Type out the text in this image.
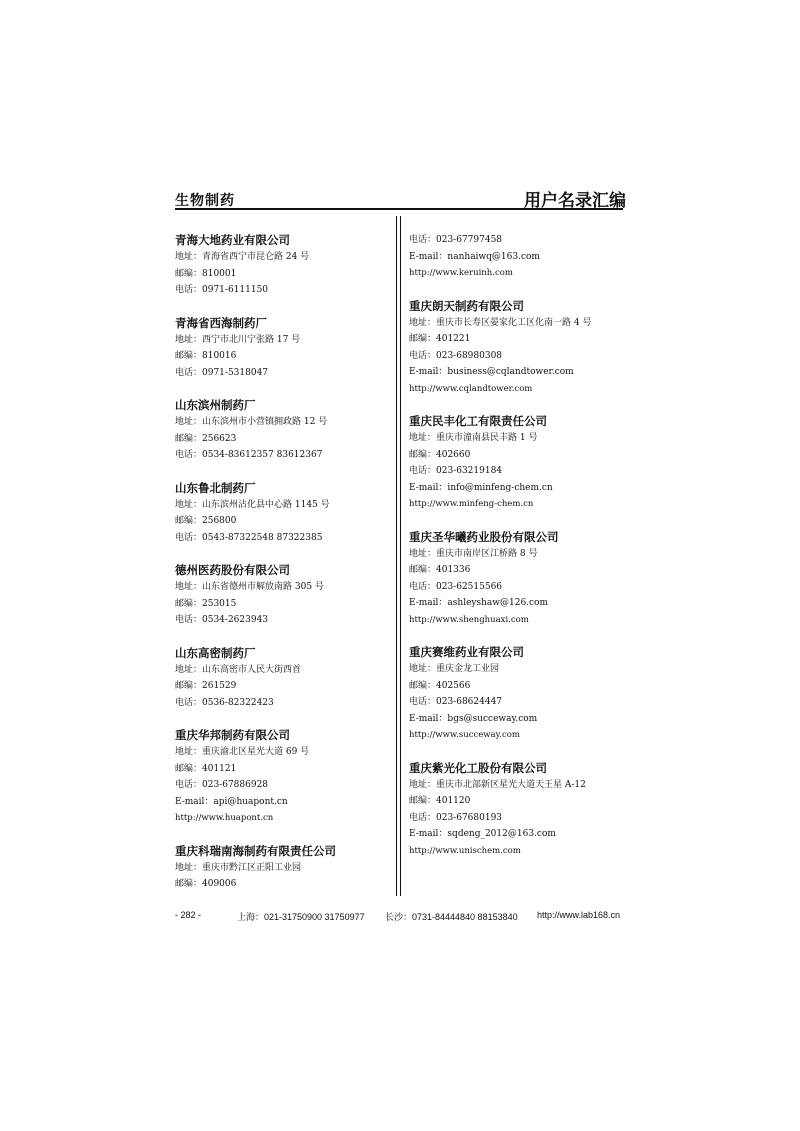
生物制药	用户名录汇编
青海大地药业有限公司
地址：青海省西宁市昆仑路 24 号
邮编：810001
电话：0971-6111150
青海省西海制药厂
地址：西宁市北川宁张路 17 号
邮编：810016
电话：0971-5318047
山东滨州制药厂
地址：山东滨州市小营镇拥政路 12 号
邮编：256623
电话：0534-83612357 83612367
山东鲁北制药厂
地址：山东滨州沾化县中心路 1145 号
邮编：256800
电话：0543-87322548 87322385
德州医药股份有限公司
地址：山东省德州市解放南路 305 号
邮编：253015
电话：0534-2623943
山东高密制药厂
地址：山东高密市人民大街西首
邮编：261529
电话：0536-82322423
重庆华邦制药有限公司
地址：重庆渝北区星光大道 69 号
邮编：401121
电话：023-67886928
E-mail：api@huapont.cn
http://www.huapont.cn
重庆科瑞南海制药有限责任公司
地址：重庆市黔江区正阳工业园
邮编：409006
电话：023-67797458
E-mail：nanhaiwq@163.com
http://www.keruinh.com
重庆朗天制药有限公司
地址：重庆市长寿区晏家化工区化南一路 4 号
邮编：401221
电话：023-68980308
E-mail：business@cqlandtower.com
http://www.cqlandtower.com
重庆民丰化工有限责任公司
地址：重庆市潼南县民丰路 1 号
邮编：402660
电话：023-63219184
E-mail：info@minfeng-chem.cn
http://www.minfeng-chem.cn
重庆圣华曦药业股份有限公司
地址：重庆市南岸区江桥路 8 号
邮编：401336
电话：023-62515566
E-mail：ashleyshaw@126.com
http://www.shenghuaxi.com
重庆赛维药业有限公司
地址：重庆金龙工业园
邮编：402566
电话：023-68624447
E-mail：bgs@succeway.com
http://www.succeway.com
重庆紫光化工股份有限公司
地址：重庆市北部新区星光大道天王星 A-12
邮编：401120
电话：023-67680193
E-mail：sqdeng_2012@163.com
http://www.unischem.com
- 282 -	上海：021-31750900 31750977 长沙：0731-84444840 88153840 http://www.lab168.cn
